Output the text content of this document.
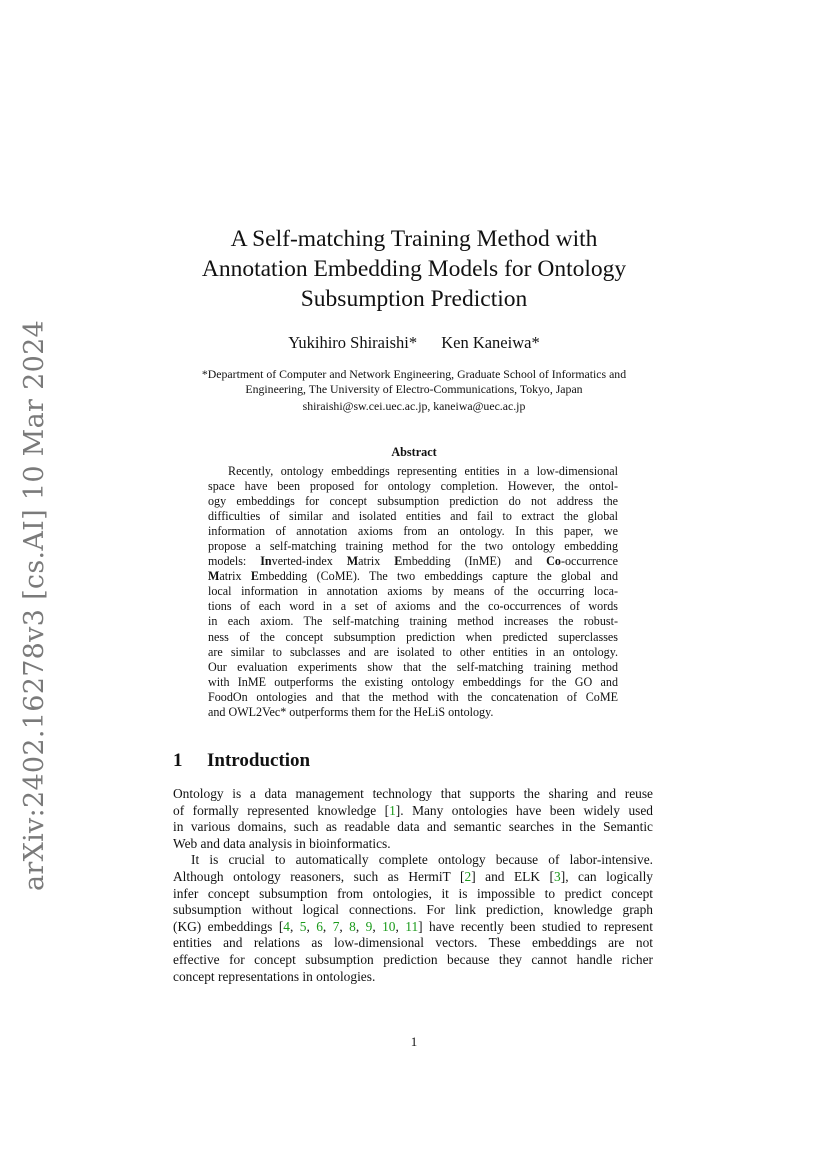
arXiv:2402.16278v3 [cs.AI] 10 Mar 2024
A Self-matching Training Method with
Annotation Embedding Models for Ontology
Subsumption Prediction
Yukihiro Shiraishi* Ken Kaneiwa*
*Department of Computer and Network Engineering, Graduate School of Informatics and
Engineering, The University of Electro-Communications, Tokyo, Japan
shiraishi@sw.cei.uec.ac.jp, kaneiwa@uec.ac.jp
Abstract
Recently, ontology embeddings representing entities in a low-dimensional
space have been proposed for ontology completion. However, the ontol-
ogy embeddings for concept subsumption prediction do not address the
difficulties of similar and isolated entities and fail to extract the global
information of annotation axioms from an ontology. In this paper, we
propose a self-matching training method for the two ontology embedding
models: Inverted-index Matrix Embedding (InME) and Co-occurrence
Matrix Embedding (CoME). The two embeddings capture the global and
local information in annotation axioms by means of the occurring loca-
tions of each word in a set of axioms and the co-occurrences of words
in each axiom. The self-matching training method increases the robust-
ness of the concept subsumption prediction when predicted superclasses
are similar to subclasses and are isolated to other entities in an ontology.
Our evaluation experiments show that the self-matching training method
with InME outperforms the existing ontology embeddings for the GO and
FoodOn ontologies and that the method with the concatenation of CoME
and OWL2Vec* outperforms them for the HeLiS ontology.
1 Introduction
Ontology is a data management technology that supports the sharing and reuse
of formally represented knowledge [1]. Many ontologies have been widely used
in various domains, such as readable data and semantic searches in the Semantic
Web and data analysis in bioinformatics.
It is crucial to automatically complete ontology because of labor-intensive.
Although ontology reasoners, such as HermiT [2] and ELK [3], can logically
infer concept subsumption from ontologies, it is impossible to predict concept
subsumption without logical connections. For link prediction, knowledge graph
(KG) embeddings [4, 5, 6, 7, 8, 9, 10, 11] have recently been studied to represent
entities and relations as low-dimensional vectors. These embeddings are not
effective for concept subsumption prediction because they cannot handle richer
concept representations in ontologies.
1
